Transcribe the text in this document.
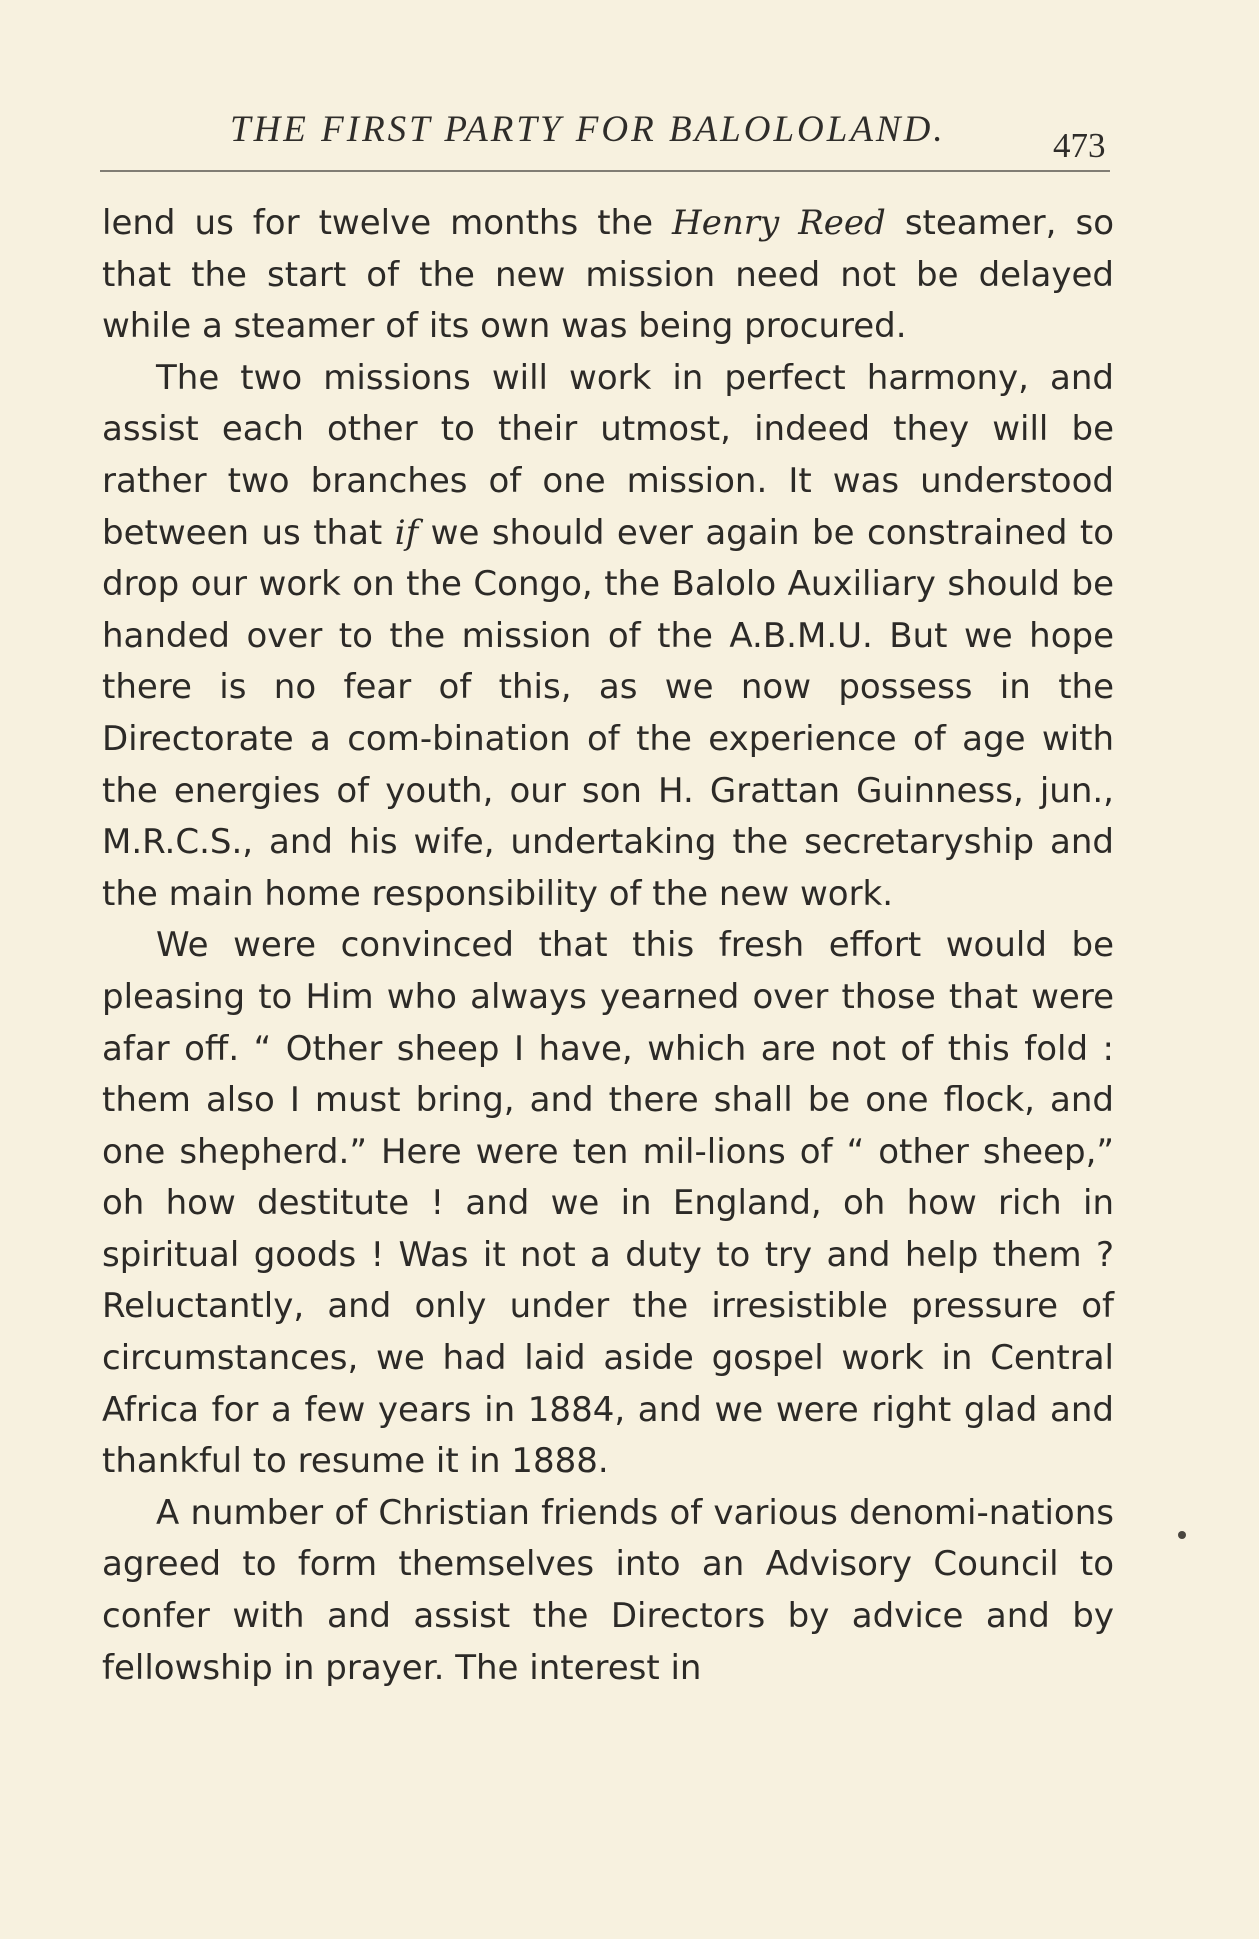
THE FIRST PARTY FOR BALOLOLAND.	473

lend us for twelve months the Henry Reed steamer, so that the start of the new mission need not be delayed while a steamer of its own was being procured.

The two missions will work in perfect harmony, and assist each other to their utmost, indeed they will be rather two branches of one mission. It was understood between us that if we should ever again be constrained to drop our work on the Congo, the Balolo Auxiliary should be handed over to the mission of the A.B.M.U. But we hope there is no fear of this, as we now possess in the Directorate a com-bination of the experience of age with the energies of youth, our son H. Grattan Guinness, jun., M.R.C.S., and his wife, undertaking the secretaryship and the main home responsibility of the new work.

We were convinced that this fresh effort would be pleasing to Him who always yearned over those that were afar off. “ Other sheep I have, which are not of this fold : them also I must bring, and there shall be one flock, and one shepherd.” Here were ten mil-lions of “ other sheep,” oh how destitute ! and we in England, oh how rich in spiritual goods ! Was it not a duty to try and help them ? Reluctantly, and only under the irresistible pressure of circumstances, we had laid aside gospel work in Central Africa for a few years in 1884, and we were right glad and thankful to resume it in 1888.

A number of Christian friends of various denomi-nations agreed to form themselves into an Advisory Council to confer with and assist the Directors by advice and by fellowship in prayer. The interest in
